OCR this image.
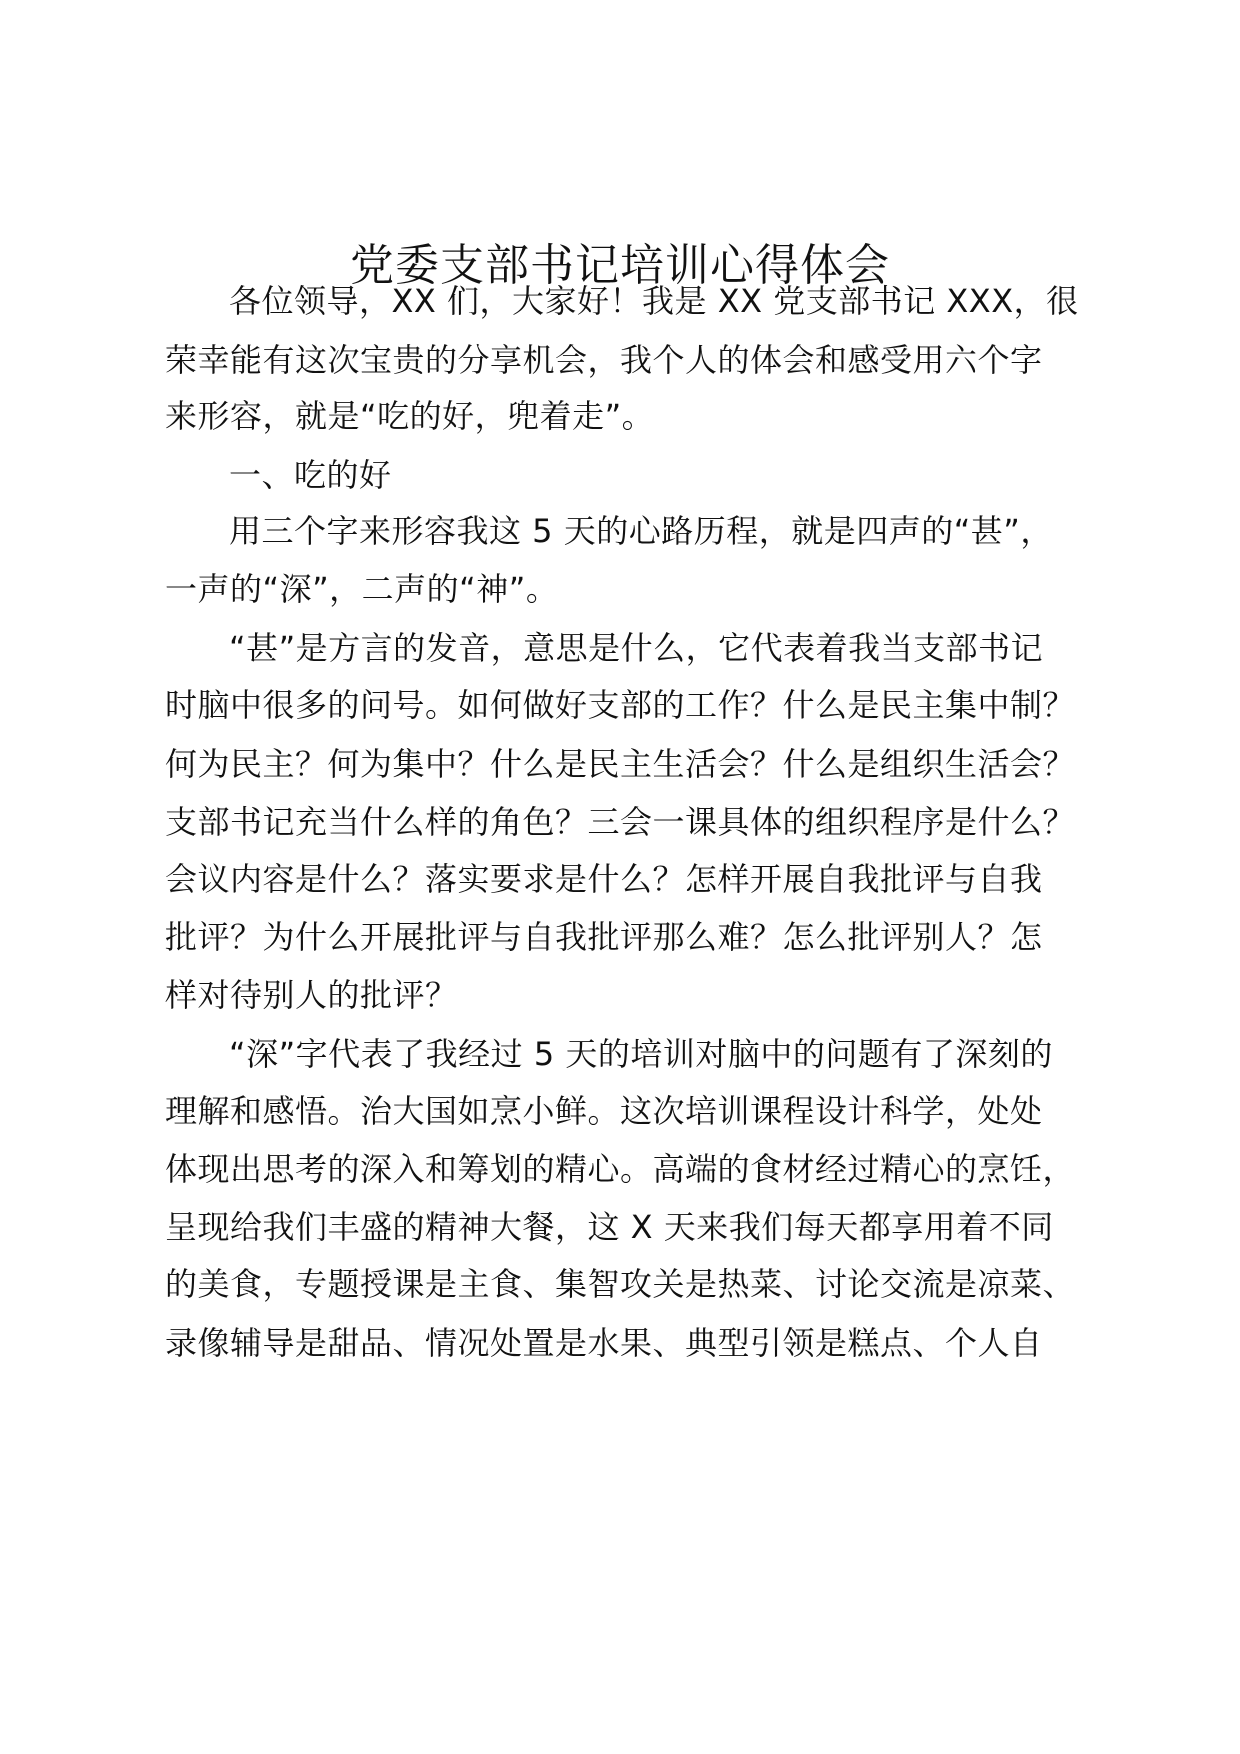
党委支部书记培训心得体会
各位领导，XX 们，大家好！我是 XX 党支部书记 XXX，很
荣幸能有这次宝贵的分享机会，我个人的体会和感受用六个字
来形容，就是“吃的好，兜着走”。
一、吃的好
用三个字来形容我这 5 天的心路历程，就是四声的“甚”，
一声的“深”，二声的“神”。
“甚”是方言的发音，意思是什么，它代表着我当支部书记
时脑中很多的问号。如何做好支部的工作？什么是民主集中制？
何为民主？何为集中？什么是民主生活会？什么是组织生活会？
支部书记充当什么样的角色？三会一课具体的组织程序是什么？
会议内容是什么？落实要求是什么？怎样开展自我批评与自我
批评？为什么开展批评与自我批评那么难？怎么批评别人？怎
样对待别人的批评？
“深”字代表了我经过 5 天的培训对脑中的问题有了深刻的
理解和感悟。治大国如烹小鲜。这次培训课程设计科学，处处
体现出思考的深入和筹划的精心。高端的食材经过精心的烹饪，
呈现给我们丰盛的精神大餐，这 X 天来我们每天都享用着不同
的美食，专题授课是主食、集智攻关是热菜、讨论交流是凉菜、
录像辅导是甜品、情况处置是水果、典型引领是糕点、个人自
